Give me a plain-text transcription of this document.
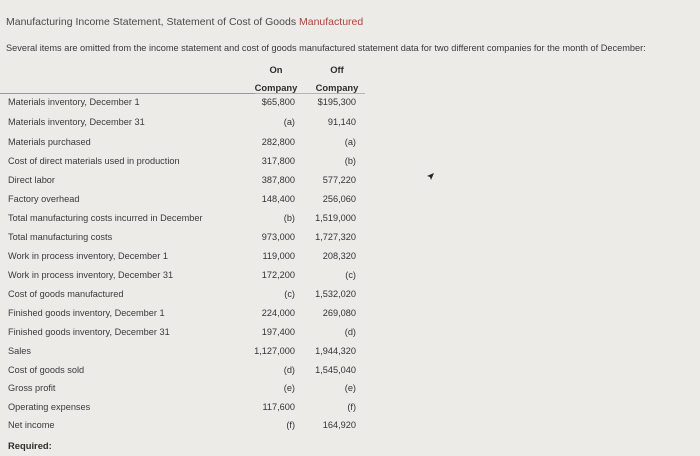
Manufacturing Income Statement, Statement of Cost of Goods Manufactured
Several items are omitted from the income statement and cost of goods manufactured statement data for two different companies for the month of December:
On
Company
Off
Company
Materials inventory, December 1	$65,800	$195,300
Materials inventory, December 31	(a)	91,140
Materials purchased	282,800	(a)
Cost of direct materials used in production	317,800	(b)
Direct labor	387,800	577,220
Factory overhead	148,400	256,060
Total manufacturing costs incurred in December	(b)	1,519,000
Total manufacturing costs	973,000	1,727,320
Work in process inventory, December 1	119,000	208,320
Work in process inventory, December 31	172,200	(c)
Cost of goods manufactured	(c)	1,532,020
Finished goods inventory, December 1	224,000	269,080
Finished goods inventory, December 31	197,400	(d)
Sales	1,127,000	1,944,320
Cost of goods sold	(d)	1,545,040
Gross profit	(e)	(e)
Operating expenses	117,600	(f)
Net income	(f)	164,920
Required:
